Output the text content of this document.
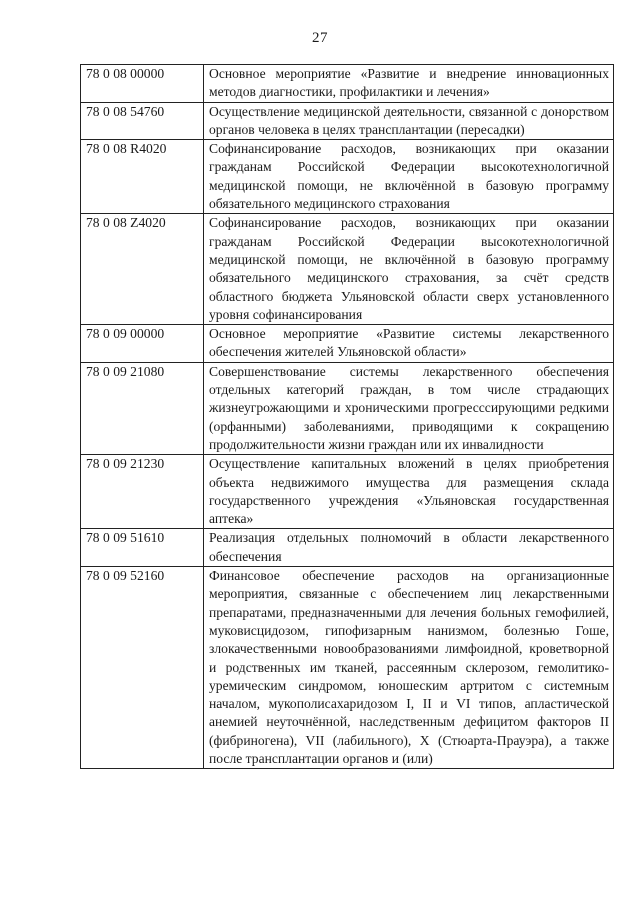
27
78 0 08 00000	Основное мероприятие «Развитие и внедрение инновационных методов диагностики, профилактики и лечения»
78 0 08 54760	Осуществление медицинской деятельности, связанной с донорством органов человека в целях трансплантации (пересадки)
78 0 08 R4020	Софинансирование расходов, возникающих при оказании гражданам Российской Федерации высокотехнологичной медицинской помощи, не включённой в базовую программу обязательного медицинского страхования
78 0 08 Z4020	Софинансирование расходов, возникающих при оказании гражданам Российской Федерации высокотехнологичной медицинской помощи, не включённой в базовую программу обязательного медицинского страхования, за счёт средств областного бюджета Ульяновской области сверх установленного уровня софинансирования
78 0 09 00000	Основное мероприятие «Развитие системы лекарственного обеспечения жителей Ульяновской области»
78 0 09 21080	Совершенствование системы лекарственного обеспечения отдельных категорий граждан, в том числе страдающих жизнеугрожающими и хроническими прогресссирующими редкими (орфанными) заболеваниями, приводящими к сокращению продолжительности жизни граждан или их инвалидности
78 0 09 21230	Осуществление капитальных вложений в целях приобретения объекта недвижимого имущества для размещения склада государственного учреждения «Ульяновская государственная аптека»
78 0 09 51610	Реализация отдельных полномочий в области лекарственного обеспечения
78 0 09 52160	Финансовое обеспечение расходов на организационные мероприятия, связанные с обеспечением лиц лекарственными препаратами, предназначенными для лечения больных гемофилией, муковисцидозом, гипофизарным нанизмом, болезнью Гоше, злокачественными новообразованиями лимфоидной, кроветворной и родственных им тканей, рассеянным склерозом, гемолитико-уремическим синдромом, юношеским артритом с системным началом, мукополисахаридозом I, II и VI типов, апластической анемией неуточнённой, наследственным дефицитом факторов II (фибриногена), VII (лабильного), X (Стюарта-Прауэра), а также после трансплантации органов и (или)
